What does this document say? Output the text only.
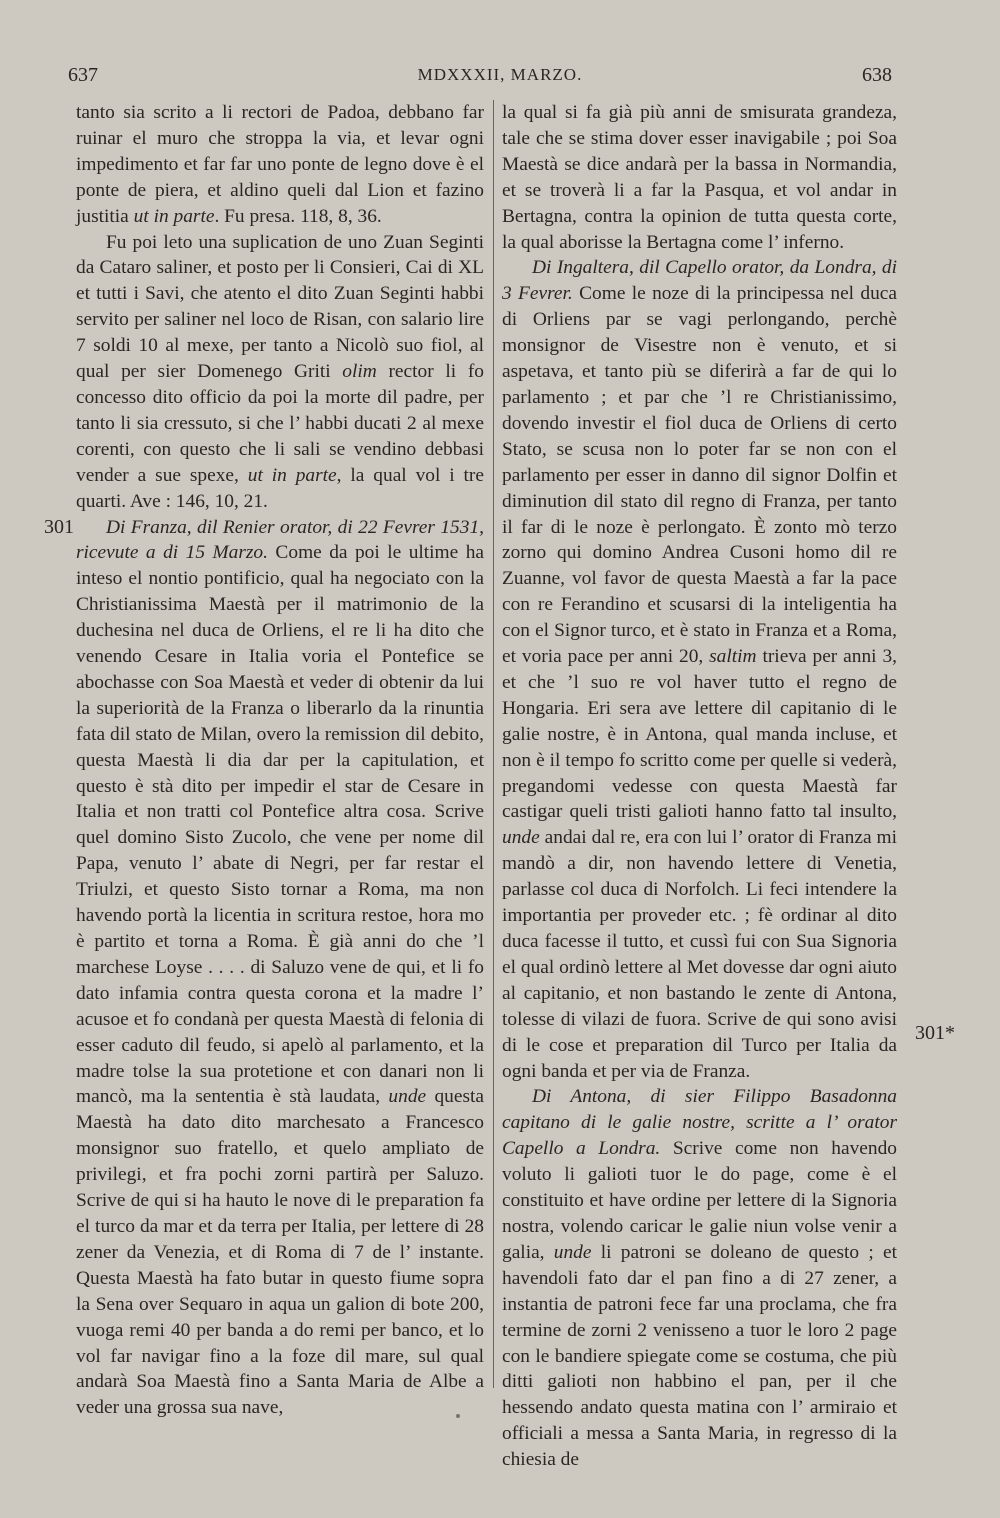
637	MDXXXII, MARZO.	638
301
301*

tanto sia scrito a li rectori de Padoa, debbano far ruinar el muro che stroppa la via, et levar ogni impedimento et far far uno ponte de legno dove è el ponte de piera, et aldino queli dal Lion et fazino justitia ut in parte. Fu presa. 118, 8, 36.

Fu poi leto una suplication de uno Zuan Seginti da Cataro saliner, et posto per li Consieri, Cai di XL et tutti i Savi, che atento el dito Zuan Seginti habbi servito per saliner nel loco de Risan, con salario lire 7 soldi 10 al mexe, per tanto a Nicolò suo fiol, al qual per sier Domenego Griti olim rector li fo concesso dito officio da poi la morte dil padre, per tanto li sia cressuto, si che l’ habbi ducati 2 al mexe corenti, con questo che li sali se vendino debbasi vender a sue spexe, ut in parte, la qual vol i tre quarti. Ave : 146, 10, 21.

Di Franza, dil Renier orator, di 22 Fevrer 1531, ricevute a di 15 Marzo. Come da poi le ultime ha inteso el nontio pontificio, qual ha negociato con la Christianissima Maestà per il matrimonio de la duchesina nel duca de Orliens, el re li ha dito che venendo Cesare in Italia voria el Pontefice se abochasse con Soa Maestà et veder di obtenir da lui la superiorità de la Franza o liberarlo da la rinuntia fata dil stato de Milan, overo la remission dil debito, questa Maestà li dia dar per la capitulation, et questo è stà dito per impedir el star de Cesare in Italia et non tratti col Pontefice altra cosa. Scrive quel domino Sisto Zucolo, che vene per nome dil Papa, venuto l’ abate di Negri, per far restar el Triulzi, et questo Sisto tornar a Roma, ma non havendo portà la licentia in scritura restoe, hora mo è partito et torna a Roma. È già anni do che ’l marchese Loyse . . . . di Saluzo vene de qui, et li fo dato infamia contra questa corona et la madre l’ acusoe et fo condanà per questa Maestà di felonia di esser caduto dil feudo, si apelò al parlamento, et la madre tolse la sua protetione et con danari non li mancò, ma la sententia è stà laudata, unde questa Maestà ha dato dito marchesato a Francesco monsignor suo fratello, et quelo ampliato de privilegi, et fra pochi zorni partirà per Saluzo. Scrive de qui si ha hauto le nove di le preparation fa el turco da mar et da terra per Italia, per lettere di 28 zener da Venezia, et di Roma di 7 de l’ instante. Questa Maestà ha fato butar in questo fiume sopra la Sena over Sequaro in aqua un galion di bote 200, vuoga remi 40 per banda a do remi per banco, et lo vol far navigar fino a la foze dil mare, sul qual andarà Soa Maestà fino a Santa Maria de Albe a veder una grossa sua nave,

la qual si fa già più anni de smisurata grandeza, tale che se stima dover esser inavigabile ; poi Soa Maestà se dice andarà per la bassa in Normandia, et se troverà li a far la Pasqua, et vol andar in Bertagna, contra la opinion de tutta questa corte, la qual aborisse la Bertagna come l’ inferno.

Di Ingaltera, dil Capello orator, da Londra, di 3 Fevrer. Come le noze di la principessa nel duca di Orliens par se vagi perlongando, perchè monsignor de Visestre non è venuto, et si aspetava, et tanto più se diferirà a far de qui lo parlamento ; et par che ’l re Christianissimo, dovendo investir el fiol duca de Orliens di certo Stato, se scusa non lo poter far se non con el parlamento per esser in danno dil signor Dolfin et diminution dil stato dil regno di Franza, per tanto il far di le noze è perlongato. È zonto mò terzo zorno qui domino Andrea Cusoni homo dil re Zuanne, vol favor de questa Maestà a far la pace con re Ferandino et scusarsi di la inteligentia ha con el Signor turco, et è stato in Franza et a Roma, et voria pace per anni 20, saltim trieva per anni 3, et che ’l suo re vol haver tutto el regno de Hongaria. Eri sera ave lettere dil capitanio di le galie nostre, è in Antona, qual manda incluse, et non è il tempo fo scritto come per quelle si vederà, pregandomi vedesse con questa Maestà far castigar queli tristi galioti hanno fatto tal insulto, unde andai dal re, era con lui l’ orator di Franza mi mandò a dir, non havendo lettere di Venetia, parlasse col duca di Norfolch. Li feci intendere la importantia per proveder etc. ; fè ordinar al dito duca facesse il tutto, et cussì fui con Sua Signoria el qual ordinò lettere al Met dovesse dar ogni aiuto al capitanio, et non bastando le zente di Antona, tolesse di vilazi de fuora. Scrive de qui sono avisi di le cose et preparation dil Turco per Italia da ogni banda et per via de Franza.

Di Antona, di sier Filippo Basadonna capitano di le galie nostre, scritte a l’ orator Capello a Londra. Scrive come non havendo voluto li galioti tuor le do page, come è el constituito et have ordine per lettere di la Signoria nostra, volendo caricar le galie niun volse venir a galia, unde li patroni se doleano de questo ; et havendoli fato dar el pan fino a di 27 zener, a instantia de patroni fece far una proclama, che fra termine de zorni 2 venisseno a tuor le loro 2 page con le bandiere spiegate come se costuma, che più ditti galioti non habbino el pan, per il che hessendo andato questa matina con l’ armiraio et officiali a messa a Santa Maria, in regresso di la chiesia de
